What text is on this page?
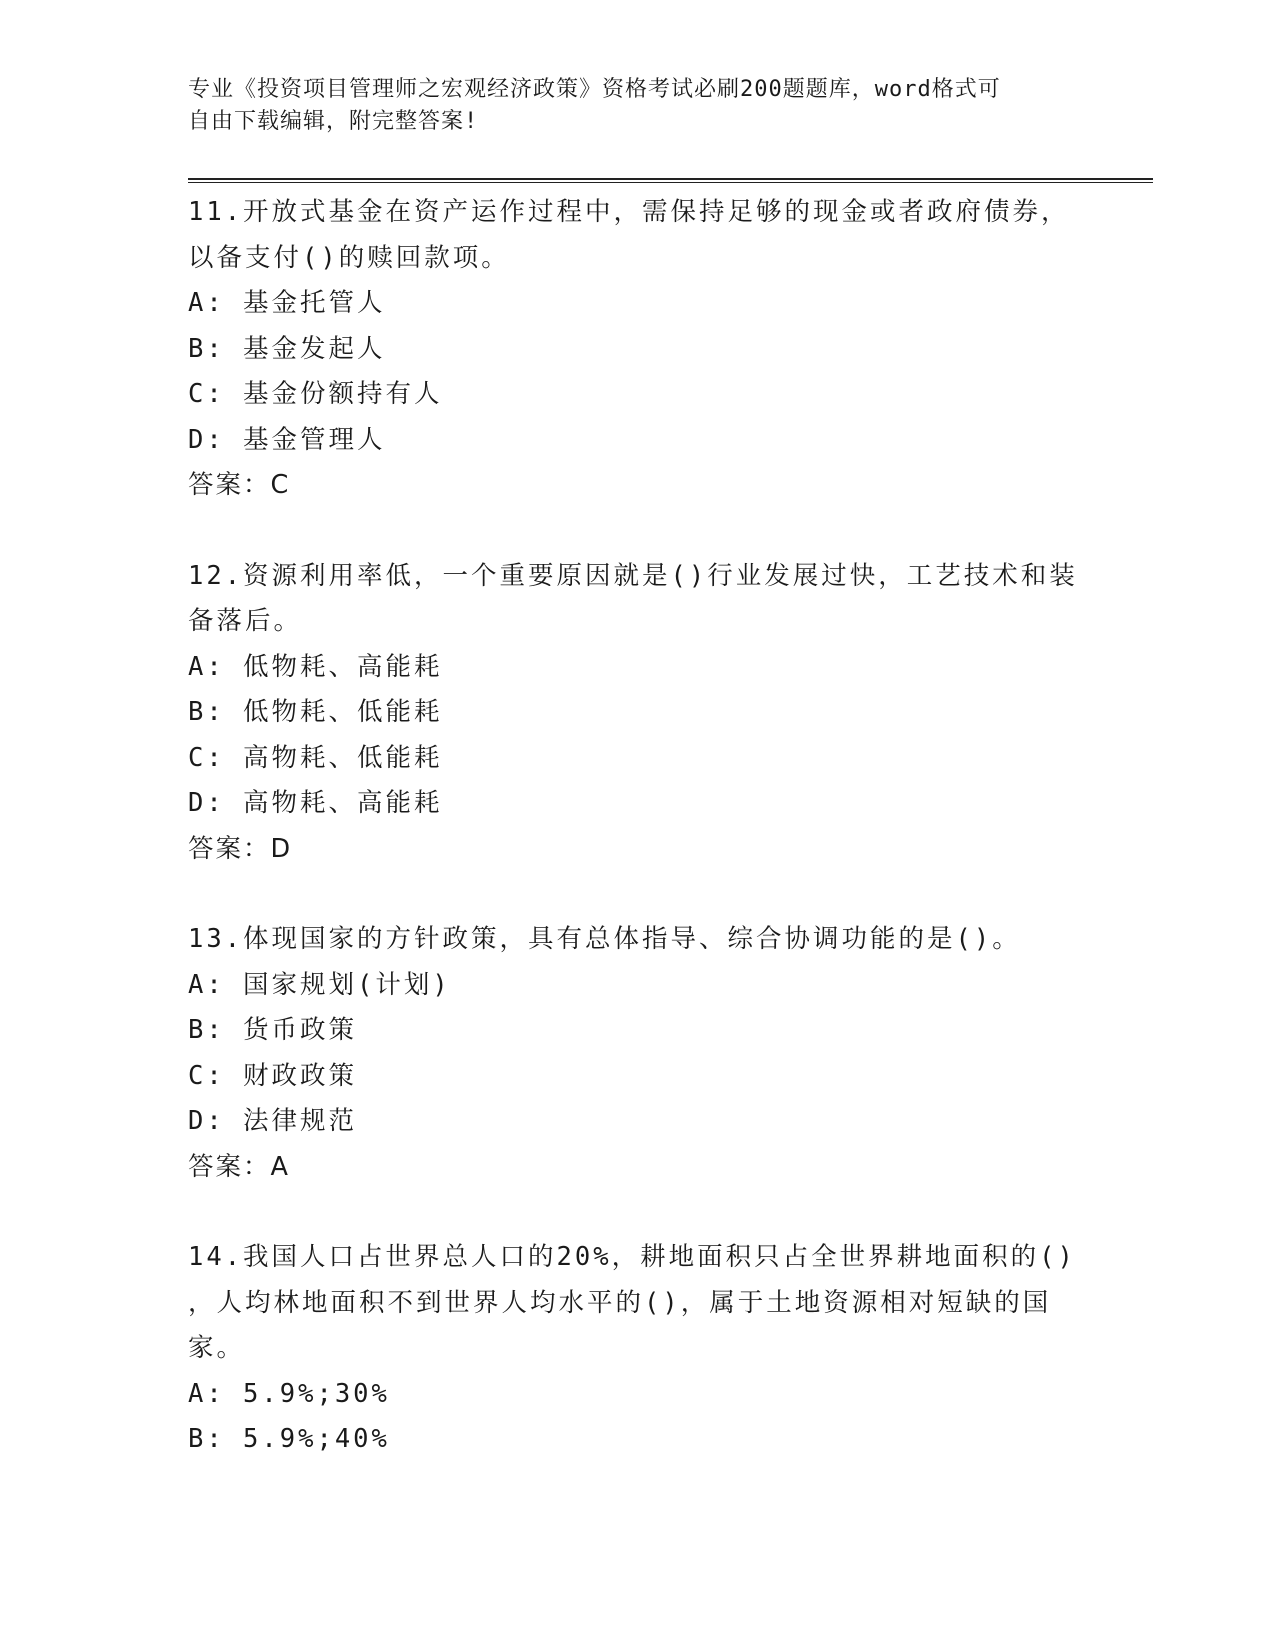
专业《投资项目管理师之宏观经济政策》资格考试必刷200题题库，word格式可
自由下载编辑，附完整答案!
11.开放式基金在资产运作过程中，需保持足够的现金或者政府债券，
以备支付()的赎回款项。
A: 基金托管人
B: 基金发起人
C: 基金份额持有人
D: 基金管理人
答案：C
12.资源利用率低，一个重要原因就是()行业发展过快，工艺技术和装
备落后。
A: 低物耗、高能耗
B: 低物耗、低能耗
C: 高物耗、低能耗
D: 高物耗、高能耗
答案：D
13.体现国家的方针政策，具有总体指导、综合协调功能的是()。
A: 国家规划(计划)
B: 货币政策
C: 财政政策
D: 法律规范
答案：A
14.我国人口占世界总人口的20%，耕地面积只占全世界耕地面积的()
，人均林地面积不到世界人均水平的()，属于土地资源相对短缺的国
家。
A: 5.9%;30%
B: 5.9%;40%
